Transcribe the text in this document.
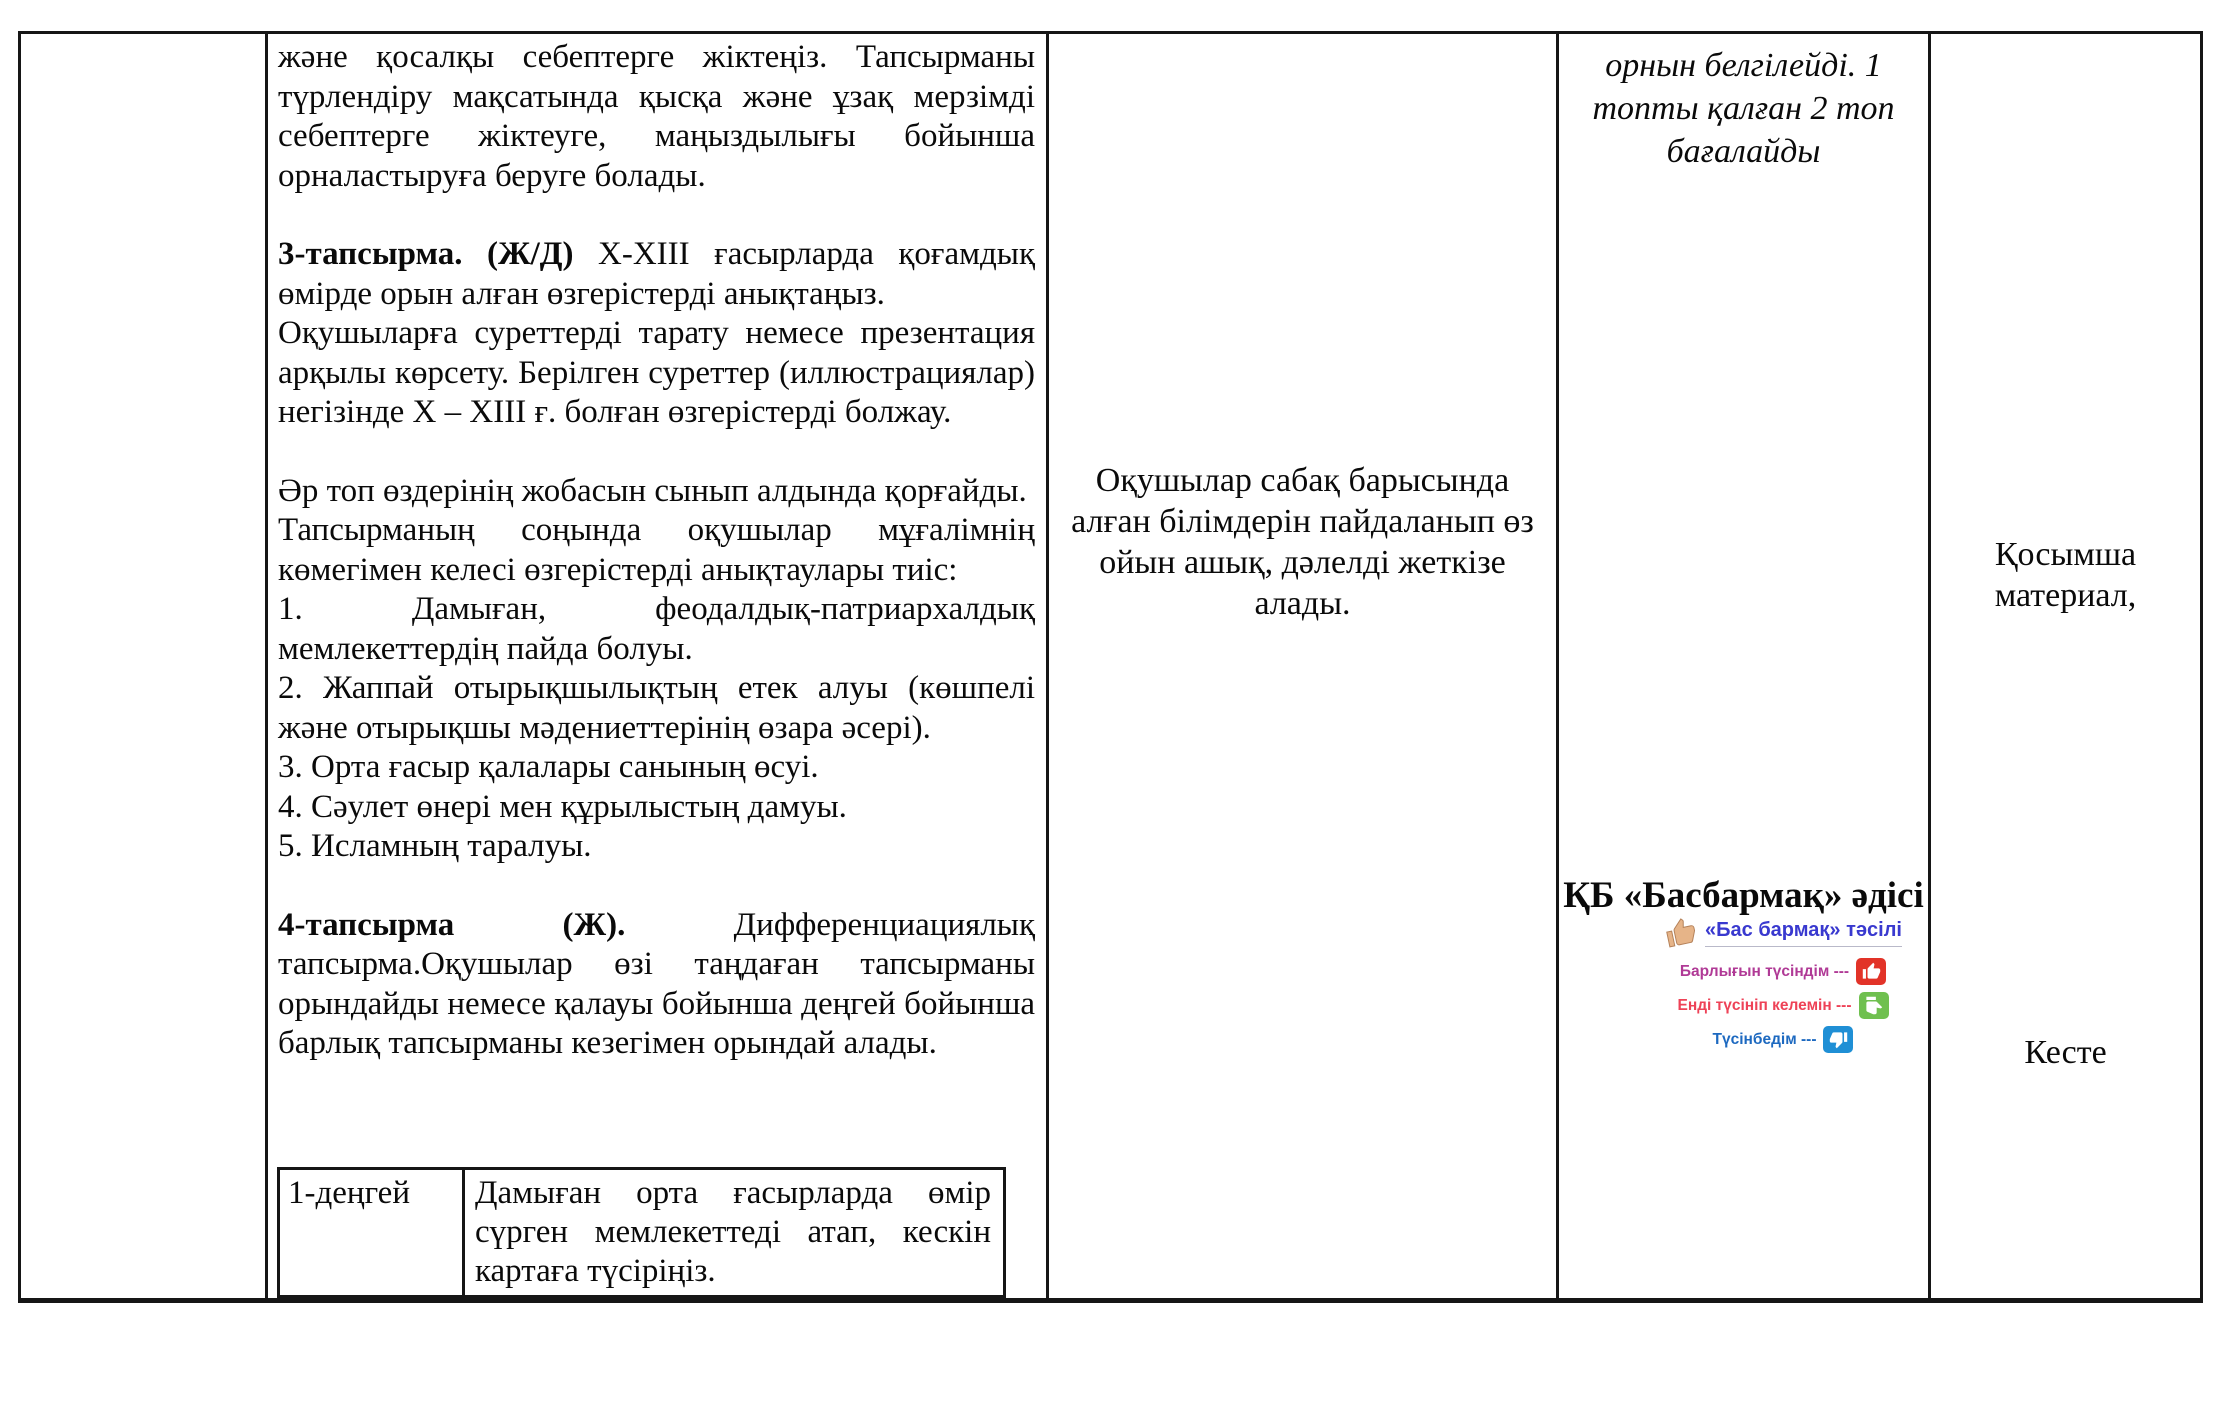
және қосалқы себептерге жіктеңіз. Тапсырманы түрлендіру мақсатында қысқа және ұзақ мерзімді себептерге жіктеуге, маңыздылығы бойынша орналастыруға беруге болады.

3-тапсырма. (Ж/Д) Х-ХІІІ ғасырларда қоғамдық өмірде орын алған өзгерістерді анықтаңыз.

Оқушыларға суреттерді тарату немесе презентация арқылы көрсету. Берілген суреттер (иллюстрациялар) негізінде Х – ХІІІ ғ. болған өзгерістерді болжау.

Әр топ өздерінің жобасын сынып алдында қорғайды.

Тапсырманың соңында оқушылар мұғалімнің көмегімен келесі өзгерістерді анықтаулары тиіс:

1. Дамыған, феодалдық-патриархалдық мемлекеттердің пайда болуы.

2. Жаппай отырықшылықтың етек алуы (көшпелі және отырықшы мәдениеттерінің өзара әсері).

3. Орта ғасыр қалалары санының өсуі.

4. Сәулет өнері мен құрылыстың дамуы.

5. Исламның таралуы.

4-тапсырма (Ж). Дифференциациялық тапсырма.Оқушылар өзі таңдаған тапсырманы орындайды немесе қалауы бойынша деңгей бойынша барлық тапсырманы кезегімен орындай алады.

1-деңгей	Дамыған орта ғасырларда өмір сүрген мемлекеттеді атап, кескін картаға түсіріңіз.

Оқушылар сабақ барысында алған білімдерін пайдаланып өз ойын ашық, дәлелді жеткізе алады.

орнын белгілейді. 1 топты қалған 2 топ бағалайды
ҚБ «Басбармақ» әдісі
«Бас бармақ» тәсілі
Барлығын түсіндім ---
Енді түсініп келемін ---
Түсінбедім ---
Қосымша материал,
Кесте
